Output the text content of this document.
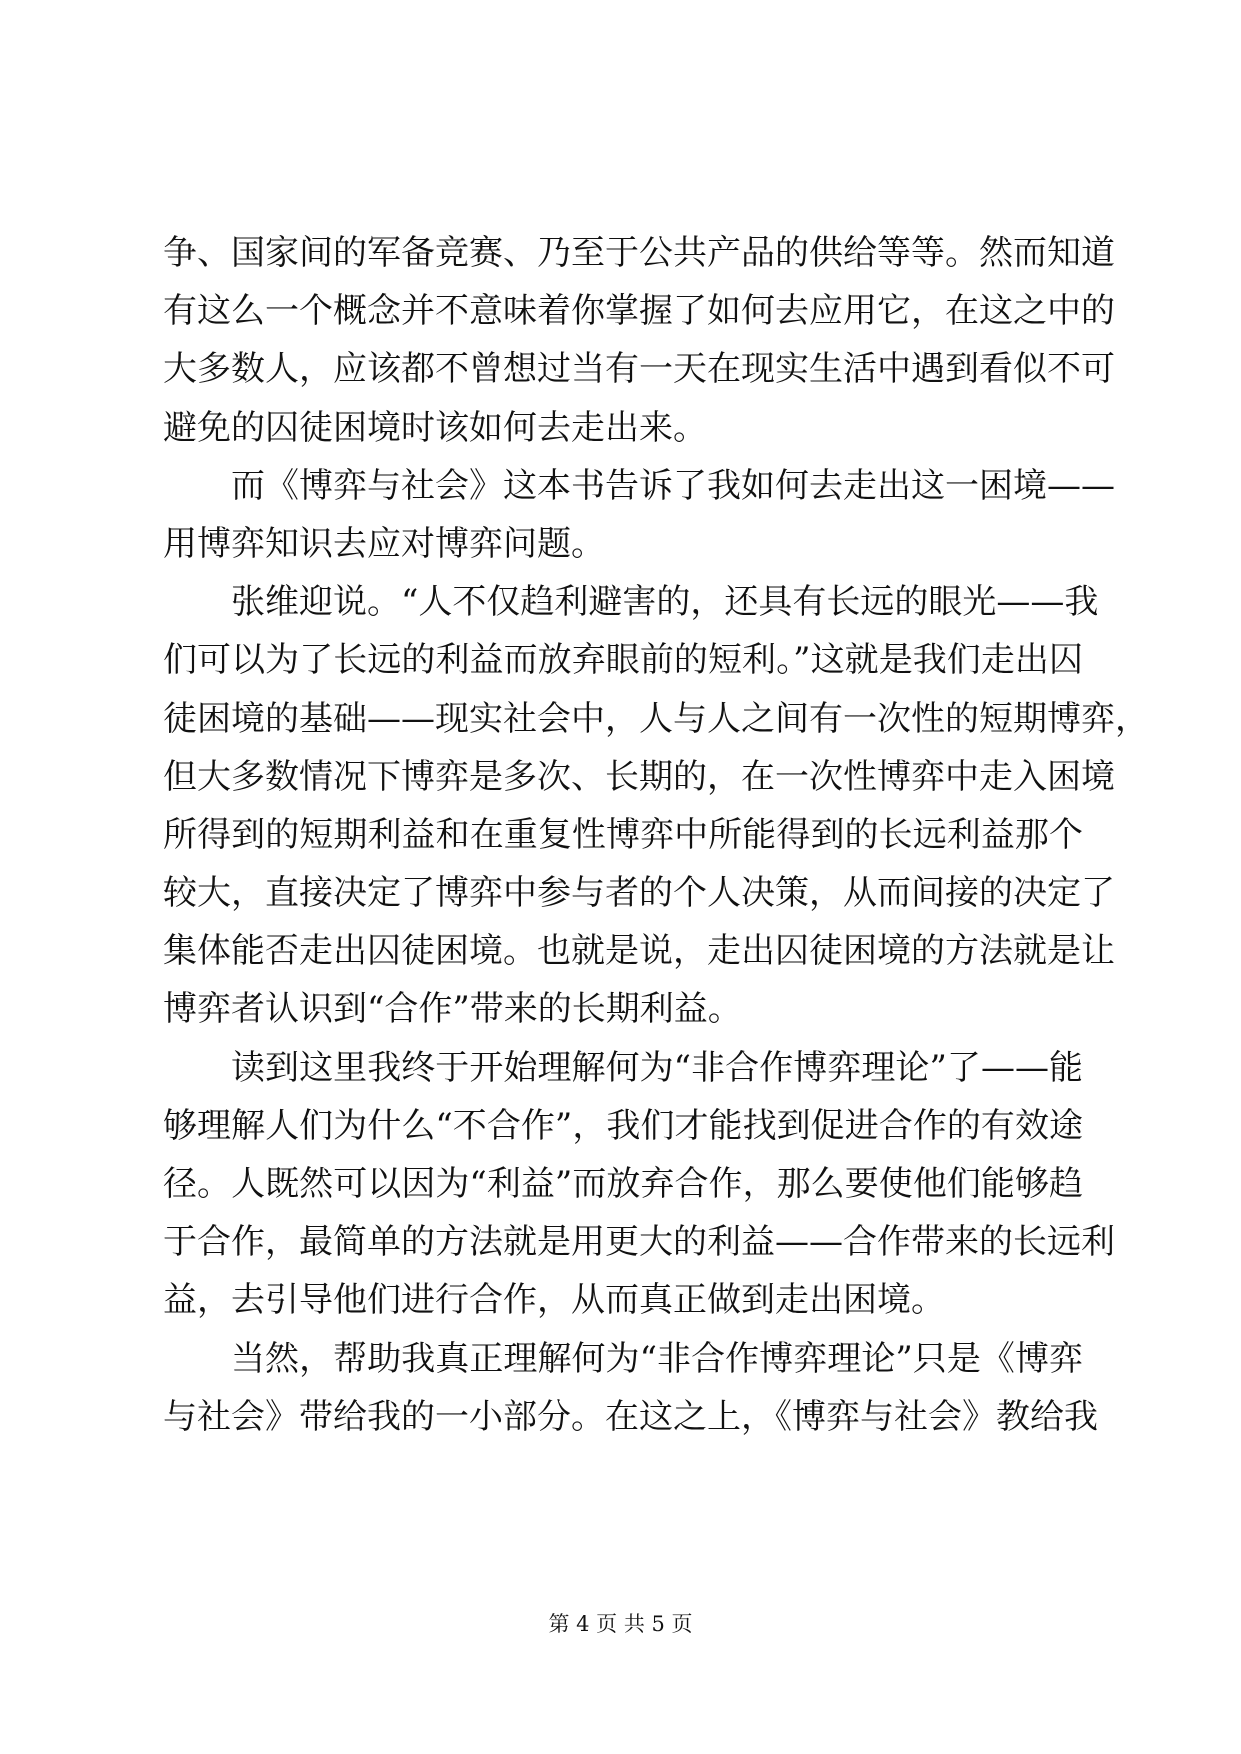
争、国家间的军备竞赛、乃至于公共产品的供给等等。然而知道
有这么一个概念并不意味着你掌握了如何去应用它，在这之中的
大多数人，应该都不曾想过当有一天在现实生活中遇到看似不可
避免的囚徒困境时该如何去走出来。
而《博弈与社会》这本书告诉了我如何去走出这一困境——
用博弈知识去应对博弈问题。
张维迎说。“人不仅趋利避害的，还具有长远的眼光——我
们可以为了长远的利益而放弃眼前的短利。”这就是我们走出囚
徒困境的基础——现实社会中，人与人之间有一次性的短期博弈，
但大多数情况下博弈是多次、长期的，在一次性博弈中走入困境
所得到的短期利益和在重复性博弈中所能得到的长远利益那个
较大，直接决定了博弈中参与者的个人决策，从而间接的决定了
集体能否走出囚徒困境。也就是说，走出囚徒困境的方法就是让
博弈者认识到“合作”带来的长期利益。
读到这里我终于开始理解何为“非合作博弈理论”了——能
够理解人们为什么“不合作”，我们才能找到促进合作的有效途
径。人既然可以因为“利益”而放弃合作，那么要使他们能够趋
于合作，最简单的方法就是用更大的利益——合作带来的长远利
益，去引导他们进行合作，从而真正做到走出困境。
当然，帮助我真正理解何为“非合作博弈理论”只是《博弈
与社会》带给我的一小部分。在这之上，《博弈与社会》教给我
第 4 页 共 5 页
